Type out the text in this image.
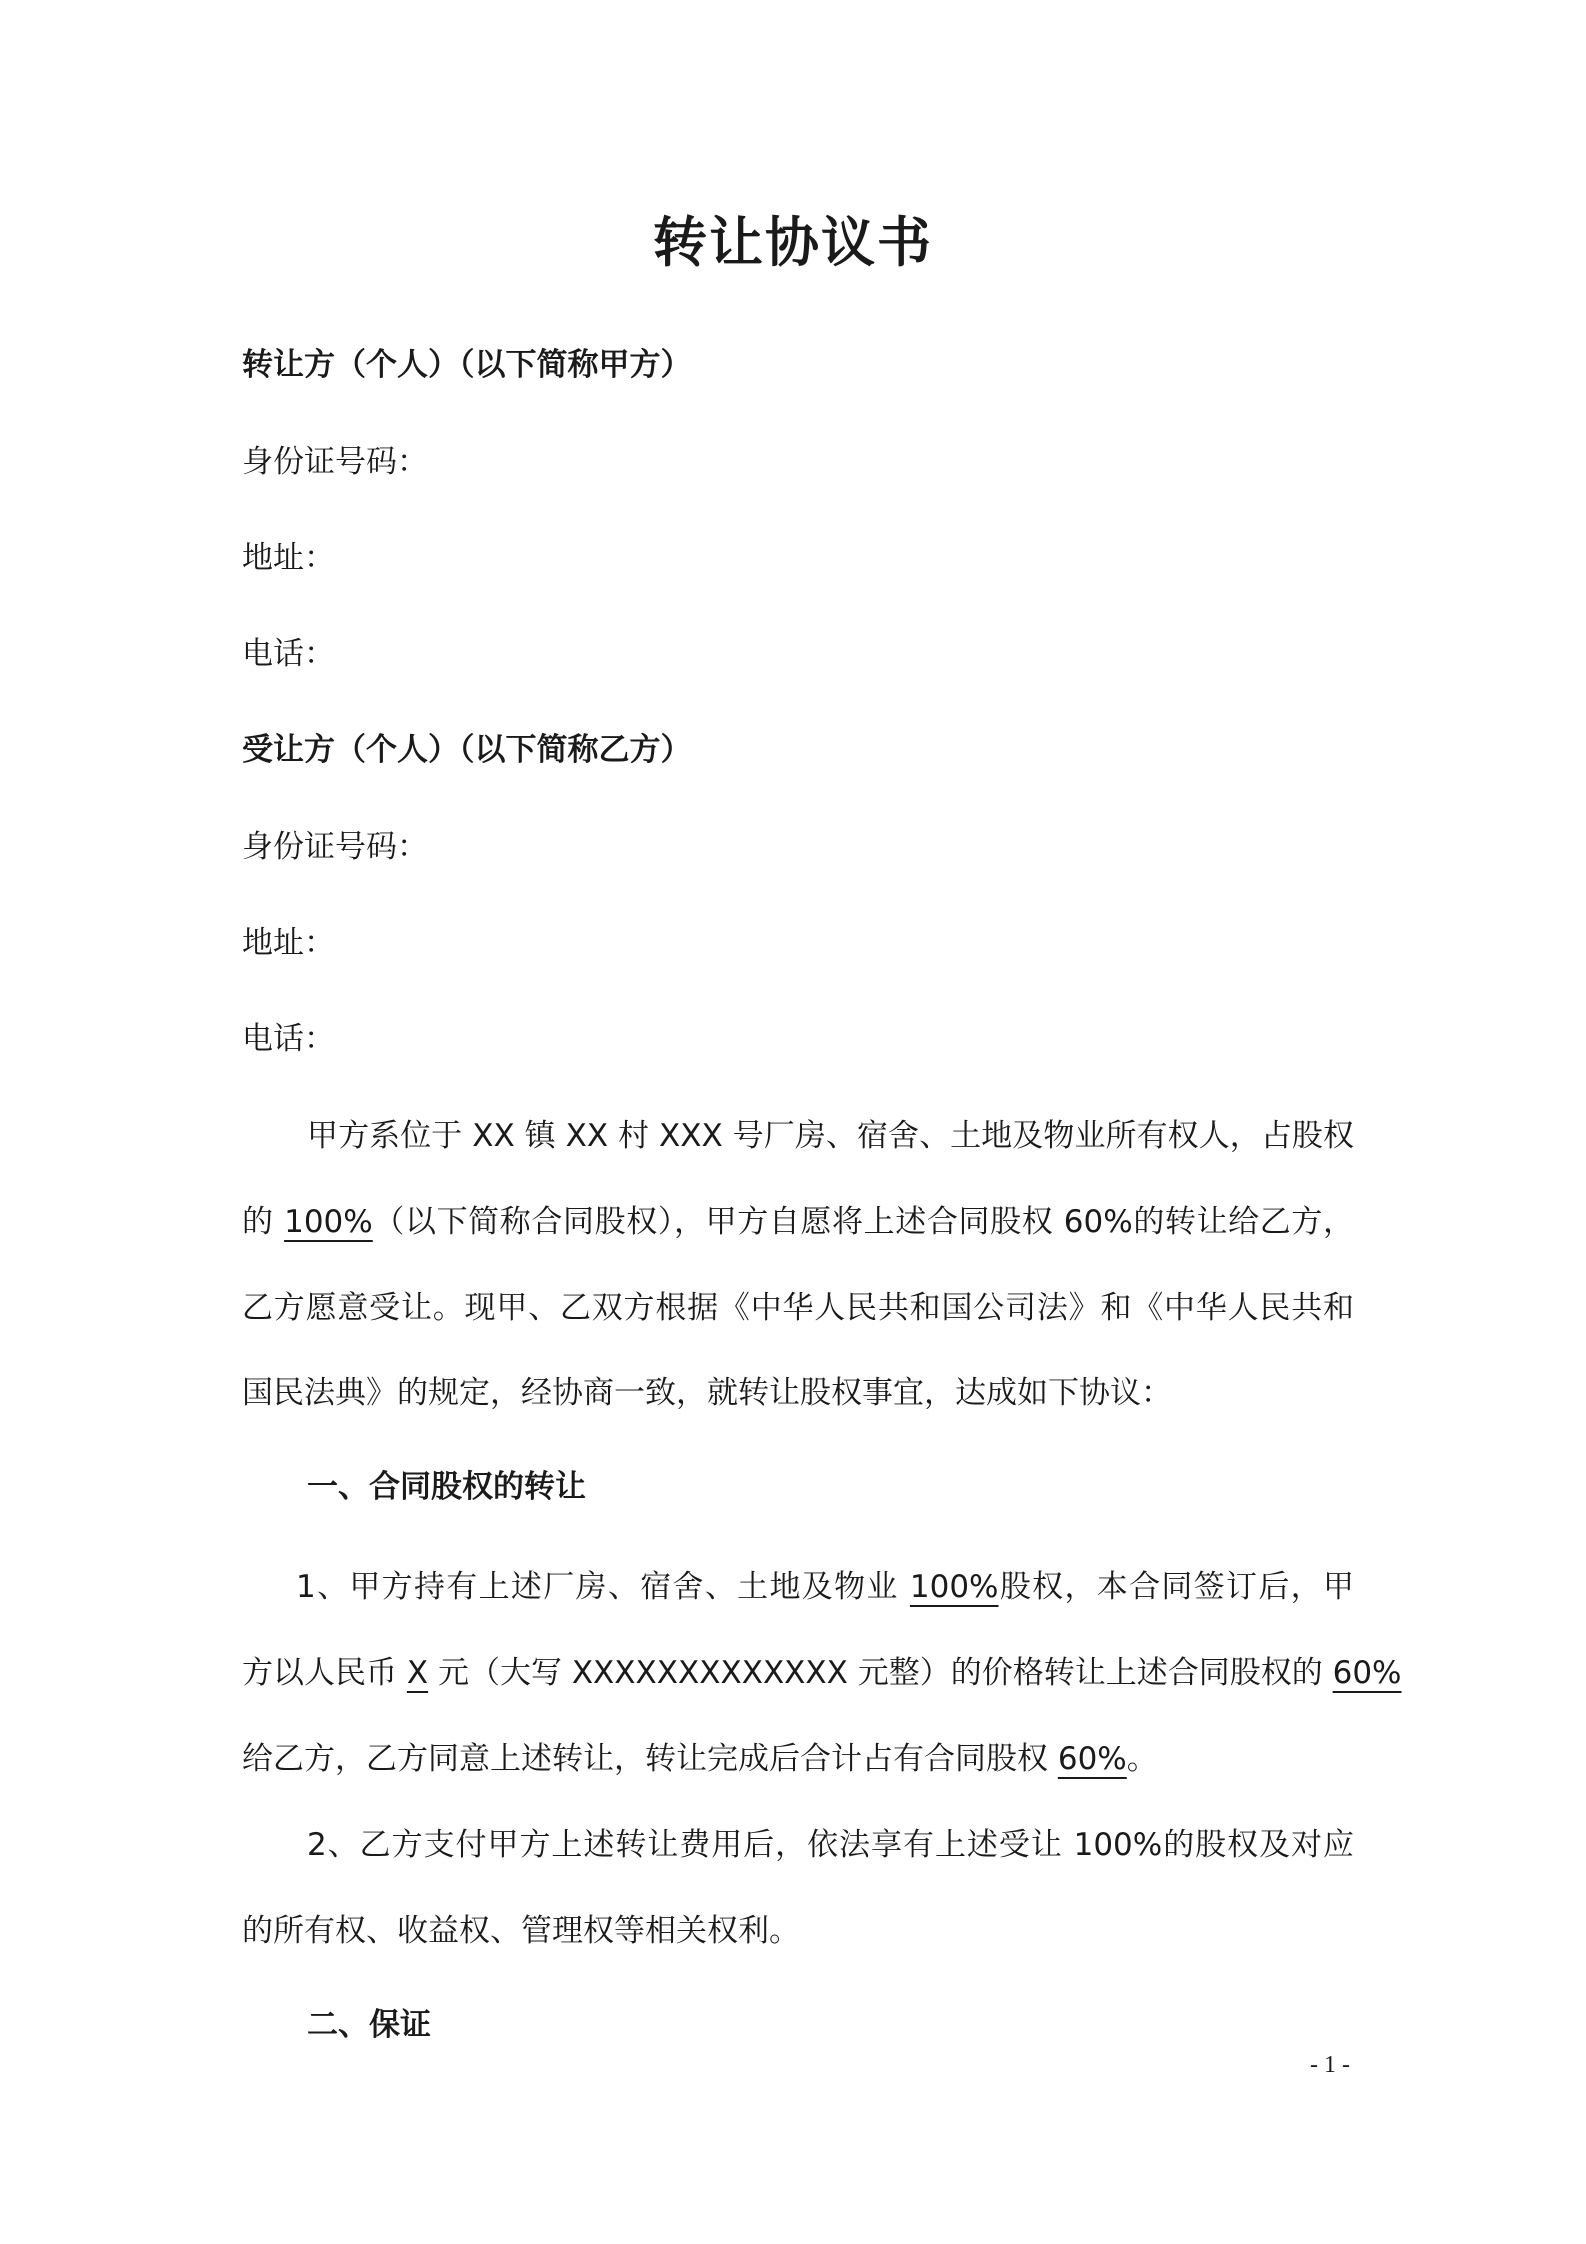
转让协议书

转让方（个人）（以下简称甲方）

身份证号码：

地址：

电话：

受让方（个人）（以下简称乙方）

身份证号码：

地址：

电话：

甲方系位于 XX 镇 XX 村 XXX 号厂房、宿舍、土地及物业所有权人，占股权

的 100%（以下简称合同股权），甲方自愿将上述合同股权 60%的转让给乙方，

乙方愿意受让。现甲、乙双方根据《中华人民共和国公司法》和《中华人民共和

国民法典》的规定，经协商一致，就转让股权事宜，达成如下协议：

一、合同股权的转让

1、甲方持有上述厂房、宿舍、土地及物业 100%股权，本合同签订后，甲

方以人民币 X 元（大写 XXXXXXXXXXXXX 元整）的价格转让上述合同股权的 60%

给乙方，乙方同意上述转让，转让完成后合计占有合同股权 60%。

2、乙方支付甲方上述转让费用后，依法享有上述受让 100%的股权及对应

的所有权、收益权、管理权等相关权利。

二、保证

- 1 -
